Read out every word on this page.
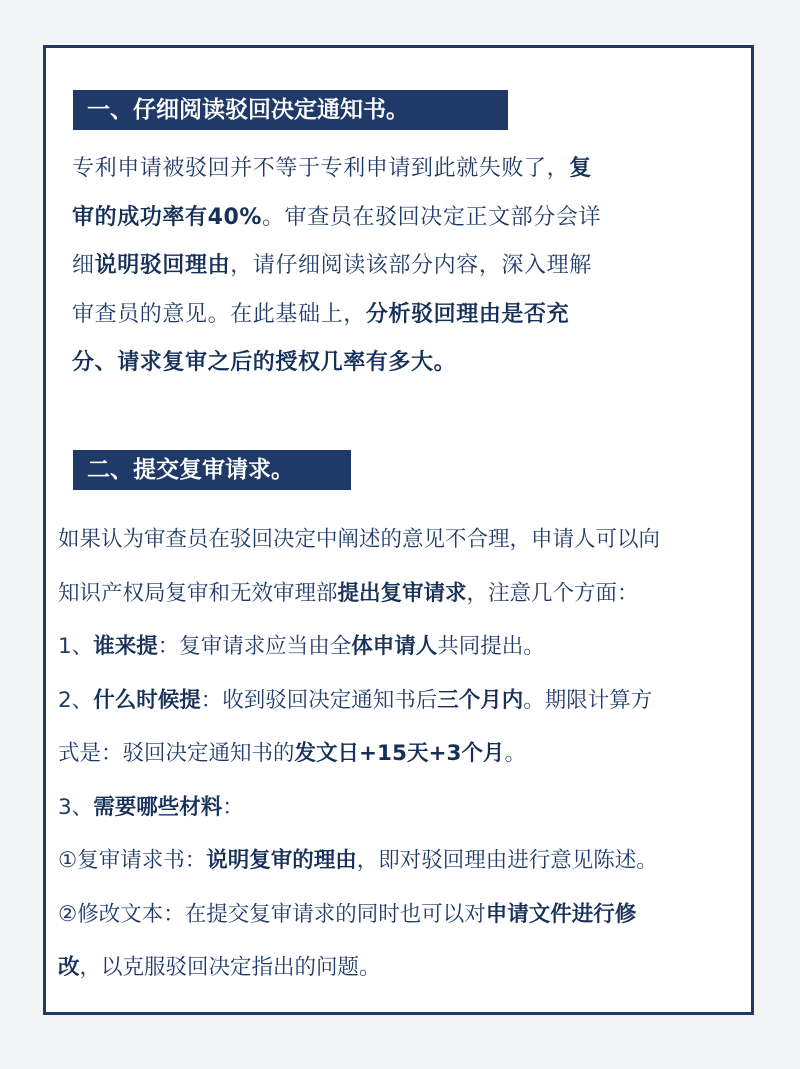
一、仔细阅读驳回决定通知书。
专利申请被驳回并不等于专利申请到此就失败了，复
审的成功率有40%。审查员在驳回决定正文部分会详
细说明驳回理由，请仔细阅读该部分内容，深入理解
审查员的意见。在此基础上，分析驳回理由是否充
分、请求复审之后的授权几率有多大。
二、提交复审请求。
如果认为审查员在驳回决定中阐述的意见不合理，申请人可以向
知识产权局复审和无效审理部提出复审请求，注意几个方面：
1、谁来提：复审请求应当由全体申请人共同提出。
2、什么时候提：收到驳回决定通知书后三个月内。期限计算方
式是：驳回决定通知书的发文日+15天+3个月。
3、需要哪些材料：
①复审请求书：说明复审的理由，即对驳回理由进行意见陈述。
②修改文本：在提交复审请求的同时也可以对申请文件进行修
改，以克服驳回决定指出的问题。
